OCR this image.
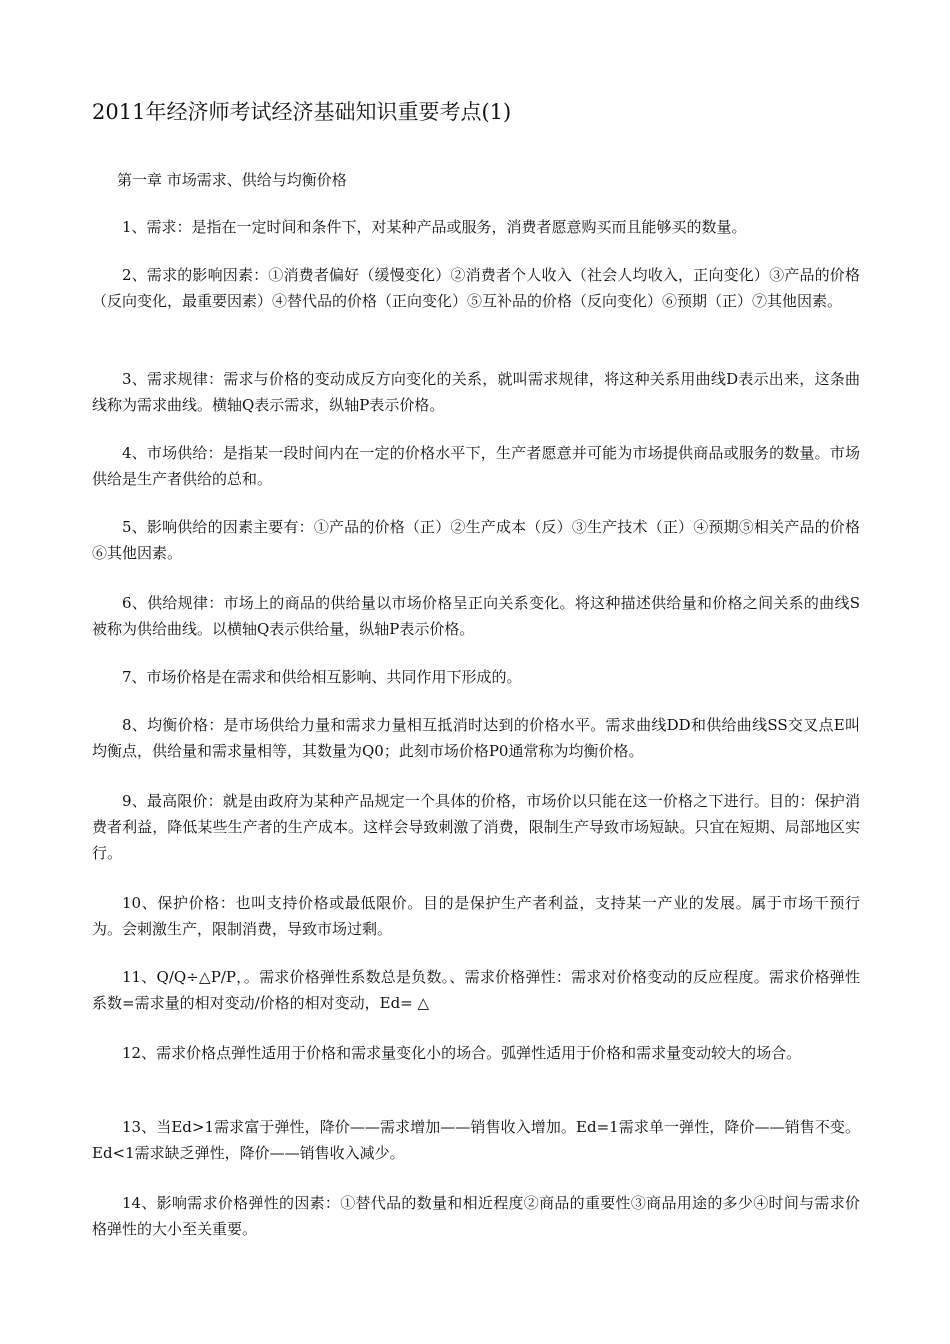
2011年经济师考试经济基础知识重要考点(1)

第一章 市场需求、供给与均衡价格

1、需求：是指在一定时间和条件下，对某种产品或服务，消费者愿意购买而且能够买的数量。

2、需求的影响因素：①消费者偏好（缓慢变化）②消费者个人收入（社会人均收入，正向变化）③产品的价格（反向变化，最重要因素）④替代品的价格（正向变化）⑤互补品的价格（反向变化）⑥预期（正）⑦其他因素。

3、需求规律：需求与价格的变动成反方向变化的关系，就叫需求规律，将这种关系用曲线D表示出来，这条曲线称为需求曲线。横轴Q表示需求，纵轴P表示价格。

4、市场供给：是指某一段时间内在一定的价格水平下，生产者愿意并可能为市场提供商品或服务的数量。市场供给是生产者供给的总和。

5、影响供给的因素主要有：①产品的价格（正）②生产成本（反）③生产技术（正）④预期⑤相关产品的价格⑥其他因素。

6、供给规律：市场上的商品的供给量以市场价格呈正向关系变化。将这种描述供给量和价格之间关系的曲线S被称为供给曲线。以横轴Q表示供给量，纵轴P表示价格。

7、市场价格是在需求和供给相互影响、共同作用下形成的。

8、均衡价格：是市场供给力量和需求力量相互抵消时达到的价格水平。需求曲线DD和供给曲线SS交叉点E叫均衡点，供给量和需求量相等，其数量为Q0；此刻市场价格P0通常称为均衡价格。

9、最高限价：就是由政府为某种产品规定一个具体的价格，市场价以只能在这一价格之下进行。目的：保护消费者利益，降低某些生产者的生产成本。这样会导致刺激了消费，限制生产导致市场短缺。只宜在短期、局部地区实行。

10、保护价格：也叫支持价格或最低限价。目的是保护生产者利益，支持某一产业的发展。属于市场干预行为。会刺激生产，限制消费，导致市场过剩。

11、Q/Q÷△P/P，。需求价格弹性系数总是负数。、需求价格弹性：需求对价格变动的反应程度。需求价格弹性系数=需求量的相对变动/价格的相对变动，Ed= △

12、需求价格点弹性适用于价格和需求量变化小的场合。弧弹性适用于价格和需求量变动较大的场合。

13、当Ed>1需求富于弹性，降价——需求增加——销售收入增加。Ed=1需求单一弹性，降价——销售不变。Ed<1需求缺乏弹性，降价——销售收入减少。

14、影响需求价格弹性的因素：①替代品的数量和相近程度②商品的重要性③商品用途的多少④时间与需求价格弹性的大小至关重要。
